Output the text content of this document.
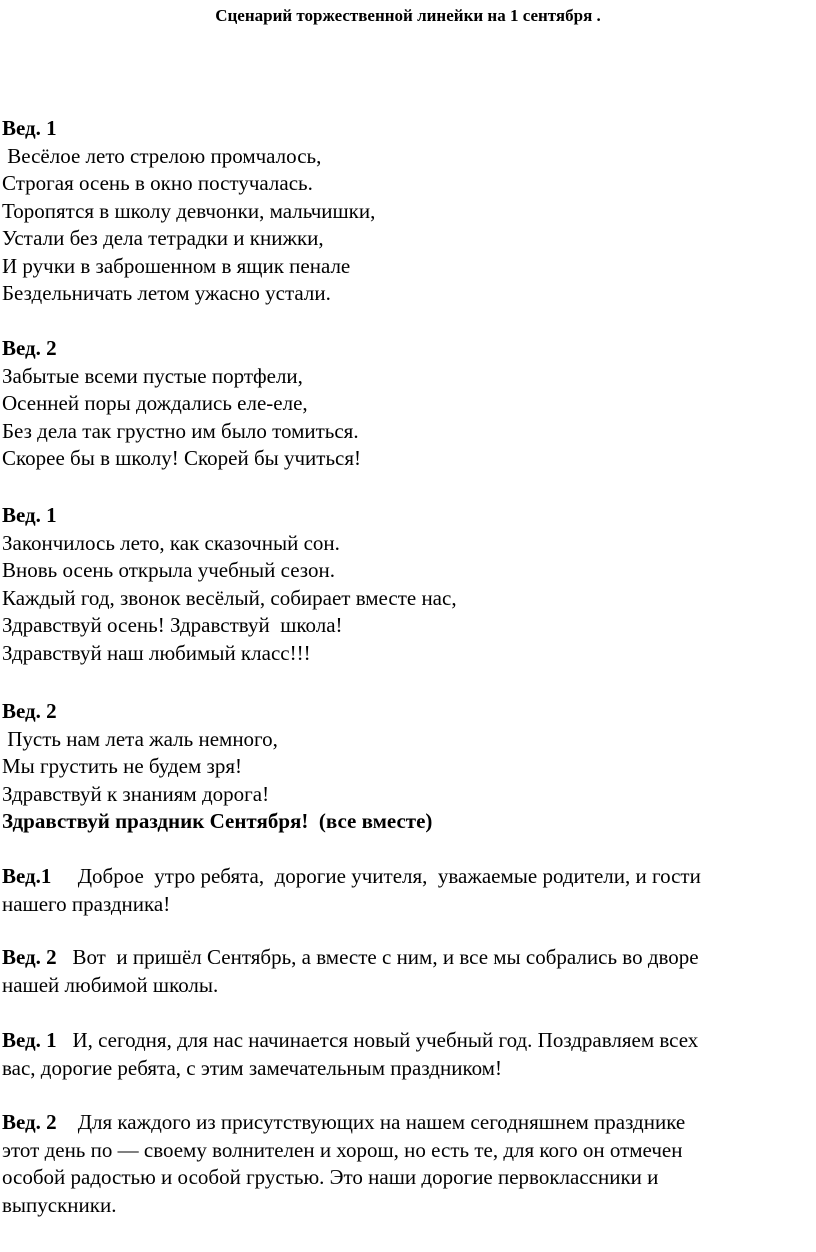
Сценарий торжественной линейки на 1 сентября .
Вед. 1
Весёлое лето стрелою промчалось,
Строгая осень в окно постучалась.
Торопятся в школу девчонки, мальчишки,
Устали без дела тетрадки и книжки,
И ручки в заброшенном в ящик пенале
Бездельничать летом ужасно устали.
Вед. 2
Забытые всеми пустые портфели,
Осенней поры дождались еле-еле,
Без дела так грустно им было томиться.
Скорее бы в школу! Скорей бы учиться!
Вед. 1
Закончилось лето, как сказочный сон.
Вновь осень открыла учебный сезон.
Каждый год, звонок весёлый, собирает вместе нас,
Здравствуй осень! Здравствуй  школа!
Здравствуй наш любимый класс!!!
Вед. 2
Пусть нам лета жаль немного,
Мы грустить не будем зря!
Здравствуй к знаниям дорога!
Здравствуй праздник Сентября!  (все вместе)
Вед.1     Доброе  утро ребята,  дорогие учителя,  уважаемые родители, и гости
нашего праздника!
Вед. 2   Вот  и пришёл Сентябрь, а вместе с ним, и все мы собрались во дворе
нашей любимой школы.
Вед. 1   И, сегодня, для нас начинается новый учебный год. Поздравляем всех
вас, дорогие ребята, с этим замечательным праздником!
Вед. 2    Для каждого из присутствующих на нашем сегодняшнем празднике
этот день по — своему волнителен и хорош, но есть те, для кого он отмечен
особой радостью и особой грустью. Это наши дорогие первоклассники и
выпускники.
